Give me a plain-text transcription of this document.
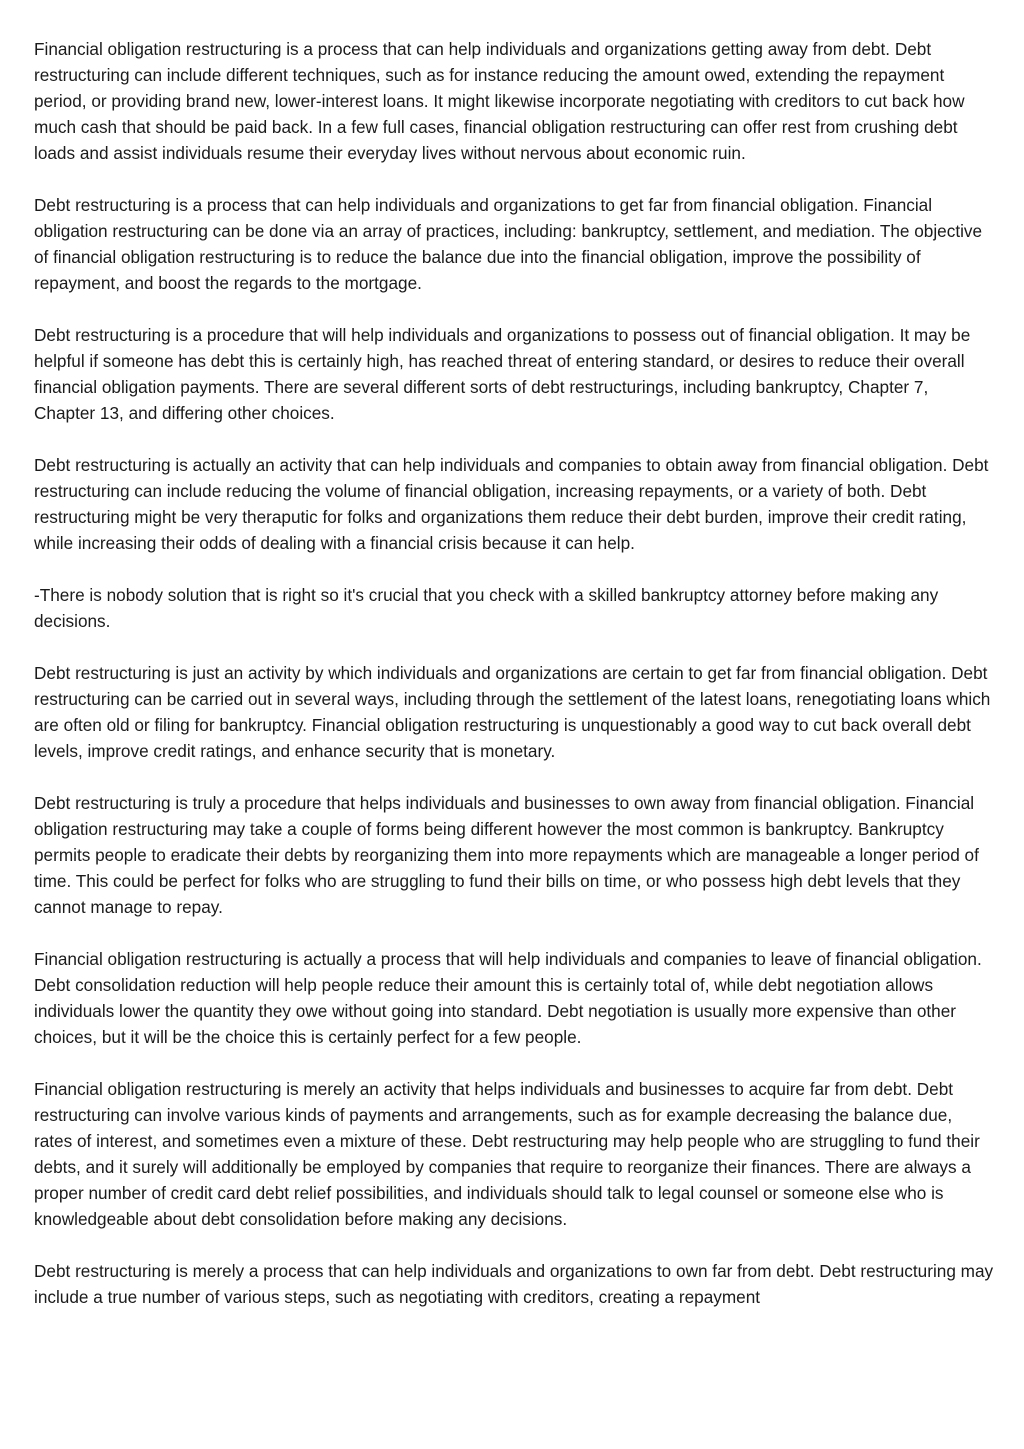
Financial obligation restructuring is a process that can help individuals and organizations getting away from debt. Debt restructuring can include different techniques, such as for instance reducing the amount owed, extending the repayment period, or providing brand new, lower-interest loans. It might likewise incorporate negotiating with creditors to cut back how much cash that should be paid back. In a few full cases, financial obligation restructuring can offer rest from crushing debt loads and assist individuals resume their everyday lives without nervous about economic ruin.

Debt restructuring is a process that can help individuals and organizations to get far from financial obligation. Financial obligation restructuring can be done via an array of practices, including: bankruptcy, settlement, and mediation. The objective of financial obligation restructuring is to reduce the balance due into the financial obligation, improve the possibility of repayment, and boost the regards to the mortgage.

Debt restructuring is a procedure that will help individuals and organizations to possess out of financial obligation. It may be helpful if someone has debt this is certainly high, has reached threat of entering standard, or desires to reduce their overall financial obligation payments. There are several different sorts of debt restructurings, including bankruptcy, Chapter 7, Chapter 13, and differing other choices.

Debt restructuring is actually an activity that can help individuals and companies to obtain away from financial obligation. Debt restructuring can include reducing the volume of financial obligation, increasing repayments, or a variety of both. Debt restructuring might be very theraputic for folks and organizations them reduce their debt burden, improve their credit rating, while increasing their odds of dealing with a financial crisis because it can help.

-There is nobody solution that is right so it's crucial that you check with a skilled bankruptcy attorney before making any decisions.

Debt restructuring is just an activity by which individuals and organizations are certain to get far from financial obligation. Debt restructuring can be carried out in several ways, including through the settlement of the latest loans, renegotiating loans which are often old or filing for bankruptcy. Financial obligation restructuring is unquestionably a good way to cut back overall debt levels, improve credit ratings, and enhance security that is monetary.

Debt restructuring is truly a procedure that helps individuals and businesses to own away from financial obligation. Financial obligation restructuring may take a couple of forms being different however the most common is bankruptcy. Bankruptcy permits people to eradicate their debts by reorganizing them into more repayments which are manageable a longer period of time. This could be perfect for folks who are struggling to fund their bills on time, or who possess high debt levels that they cannot manage to repay.

Financial obligation restructuring is actually a process that will help individuals and companies to leave of financial obligation. Debt consolidation reduction will help people reduce their amount this is certainly total of, while debt negotiation allows individuals lower the quantity they owe without going into standard. Debt negotiation is usually more expensive than other choices, but it will be the choice this is certainly perfect for a few people.

Financial obligation restructuring is merely an activity that helps individuals and businesses to acquire far from debt. Debt restructuring can involve various kinds of payments and arrangements, such as for example decreasing the balance due, rates of interest, and sometimes even a mixture of these. Debt restructuring may help people who are struggling to fund their debts, and it surely will additionally be employed by companies that require to reorganize their finances. There are always a proper number of credit card debt relief possibilities, and individuals should talk to legal counsel or someone else who is knowledgeable about debt consolidation before making any decisions.

Debt restructuring is merely a process that can help individuals and organizations to own far from debt. Debt restructuring may include a true number of various steps, such as negotiating with creditors, creating a repayment
